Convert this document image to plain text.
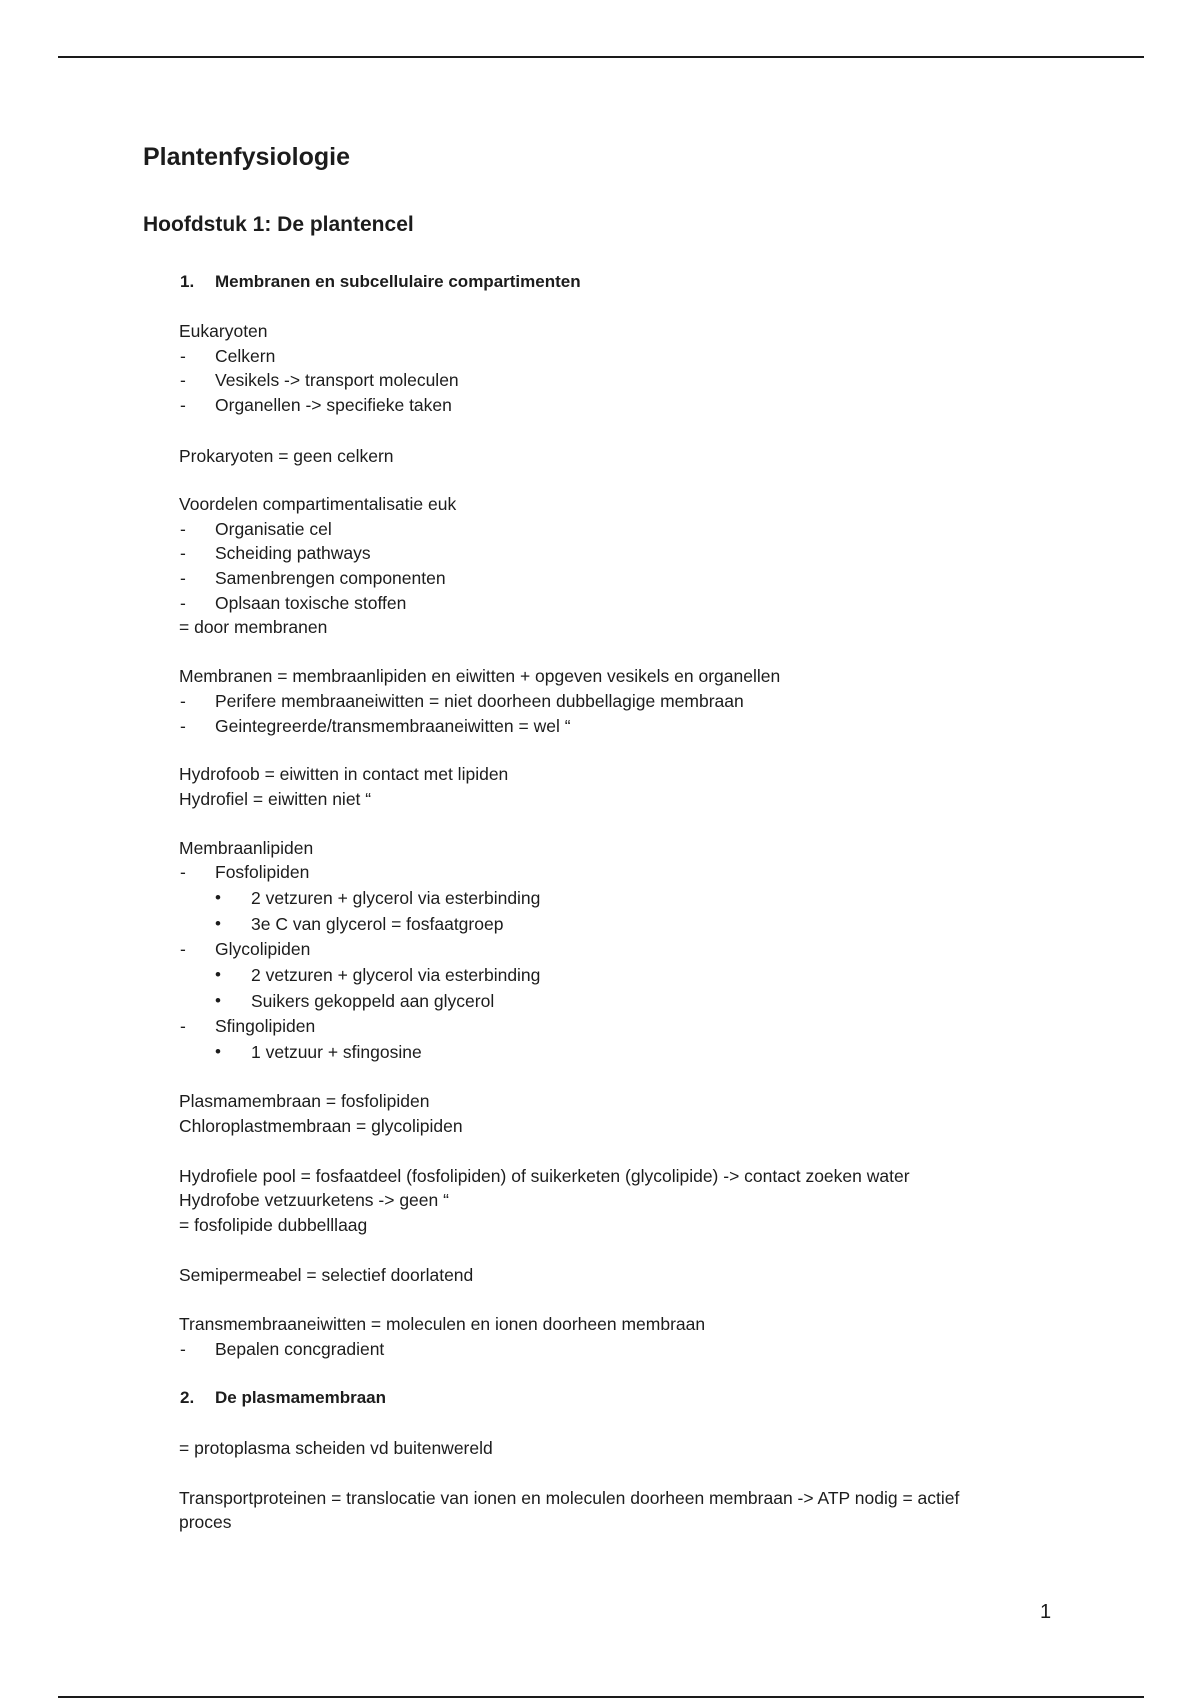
Plantenfysiologie
Hoofdstuk 1: De plantencel
1. Membranen en subcellulaire compartimenten
Eukaryoten
- Celkern
- Vesikels -> transport moleculen
- Organellen -> specifieke taken
Prokaryoten = geen celkern
Voordelen compartimentalisatie euk
- Organisatie cel
- Scheiding pathways
- Samenbrengen componenten
- Oplsaan toxische stoffen
= door membranen
Membranen = membraanlipiden en eiwitten + opgeven vesikels en organellen
- Perifere membraaneiwitten = niet doorheen dubbellagige membraan
- Geintegreerde/transmembraaneiwitten = wel “
Hydrofoob = eiwitten in contact met lipiden
Hydrofiel = eiwitten niet “
Membraanlipiden
- Fosfolipiden
• 2 vetzuren + glycerol via esterbinding
• 3e C van glycerol = fosfaatgroep
- Glycolipiden
• 2 vetzuren + glycerol via esterbinding
• Suikers gekoppeld aan glycerol
- Sfingolipiden
• 1 vetzuur + sfingosine
Plasmamembraan = fosfolipiden
Chloroplastmembraan = glycolipiden
Hydrofiele pool = fosfaatdeel (fosfolipiden) of suikerketen (glycolipide) -> contact zoeken water
Hydrofobe vetzuurketens -> geen “
= fosfolipide dubbelllaag
Semipermeabel = selectief doorlatend
Transmembraaneiwitten = moleculen en ionen doorheen membraan
- Bepalen concgradient
2. De plasmamembraan
= protoplasma scheiden vd buitenwereld
Transportproteinen = translocatie van ionen en moleculen doorheen membraan -> ATP nodig = actief
proces
1
